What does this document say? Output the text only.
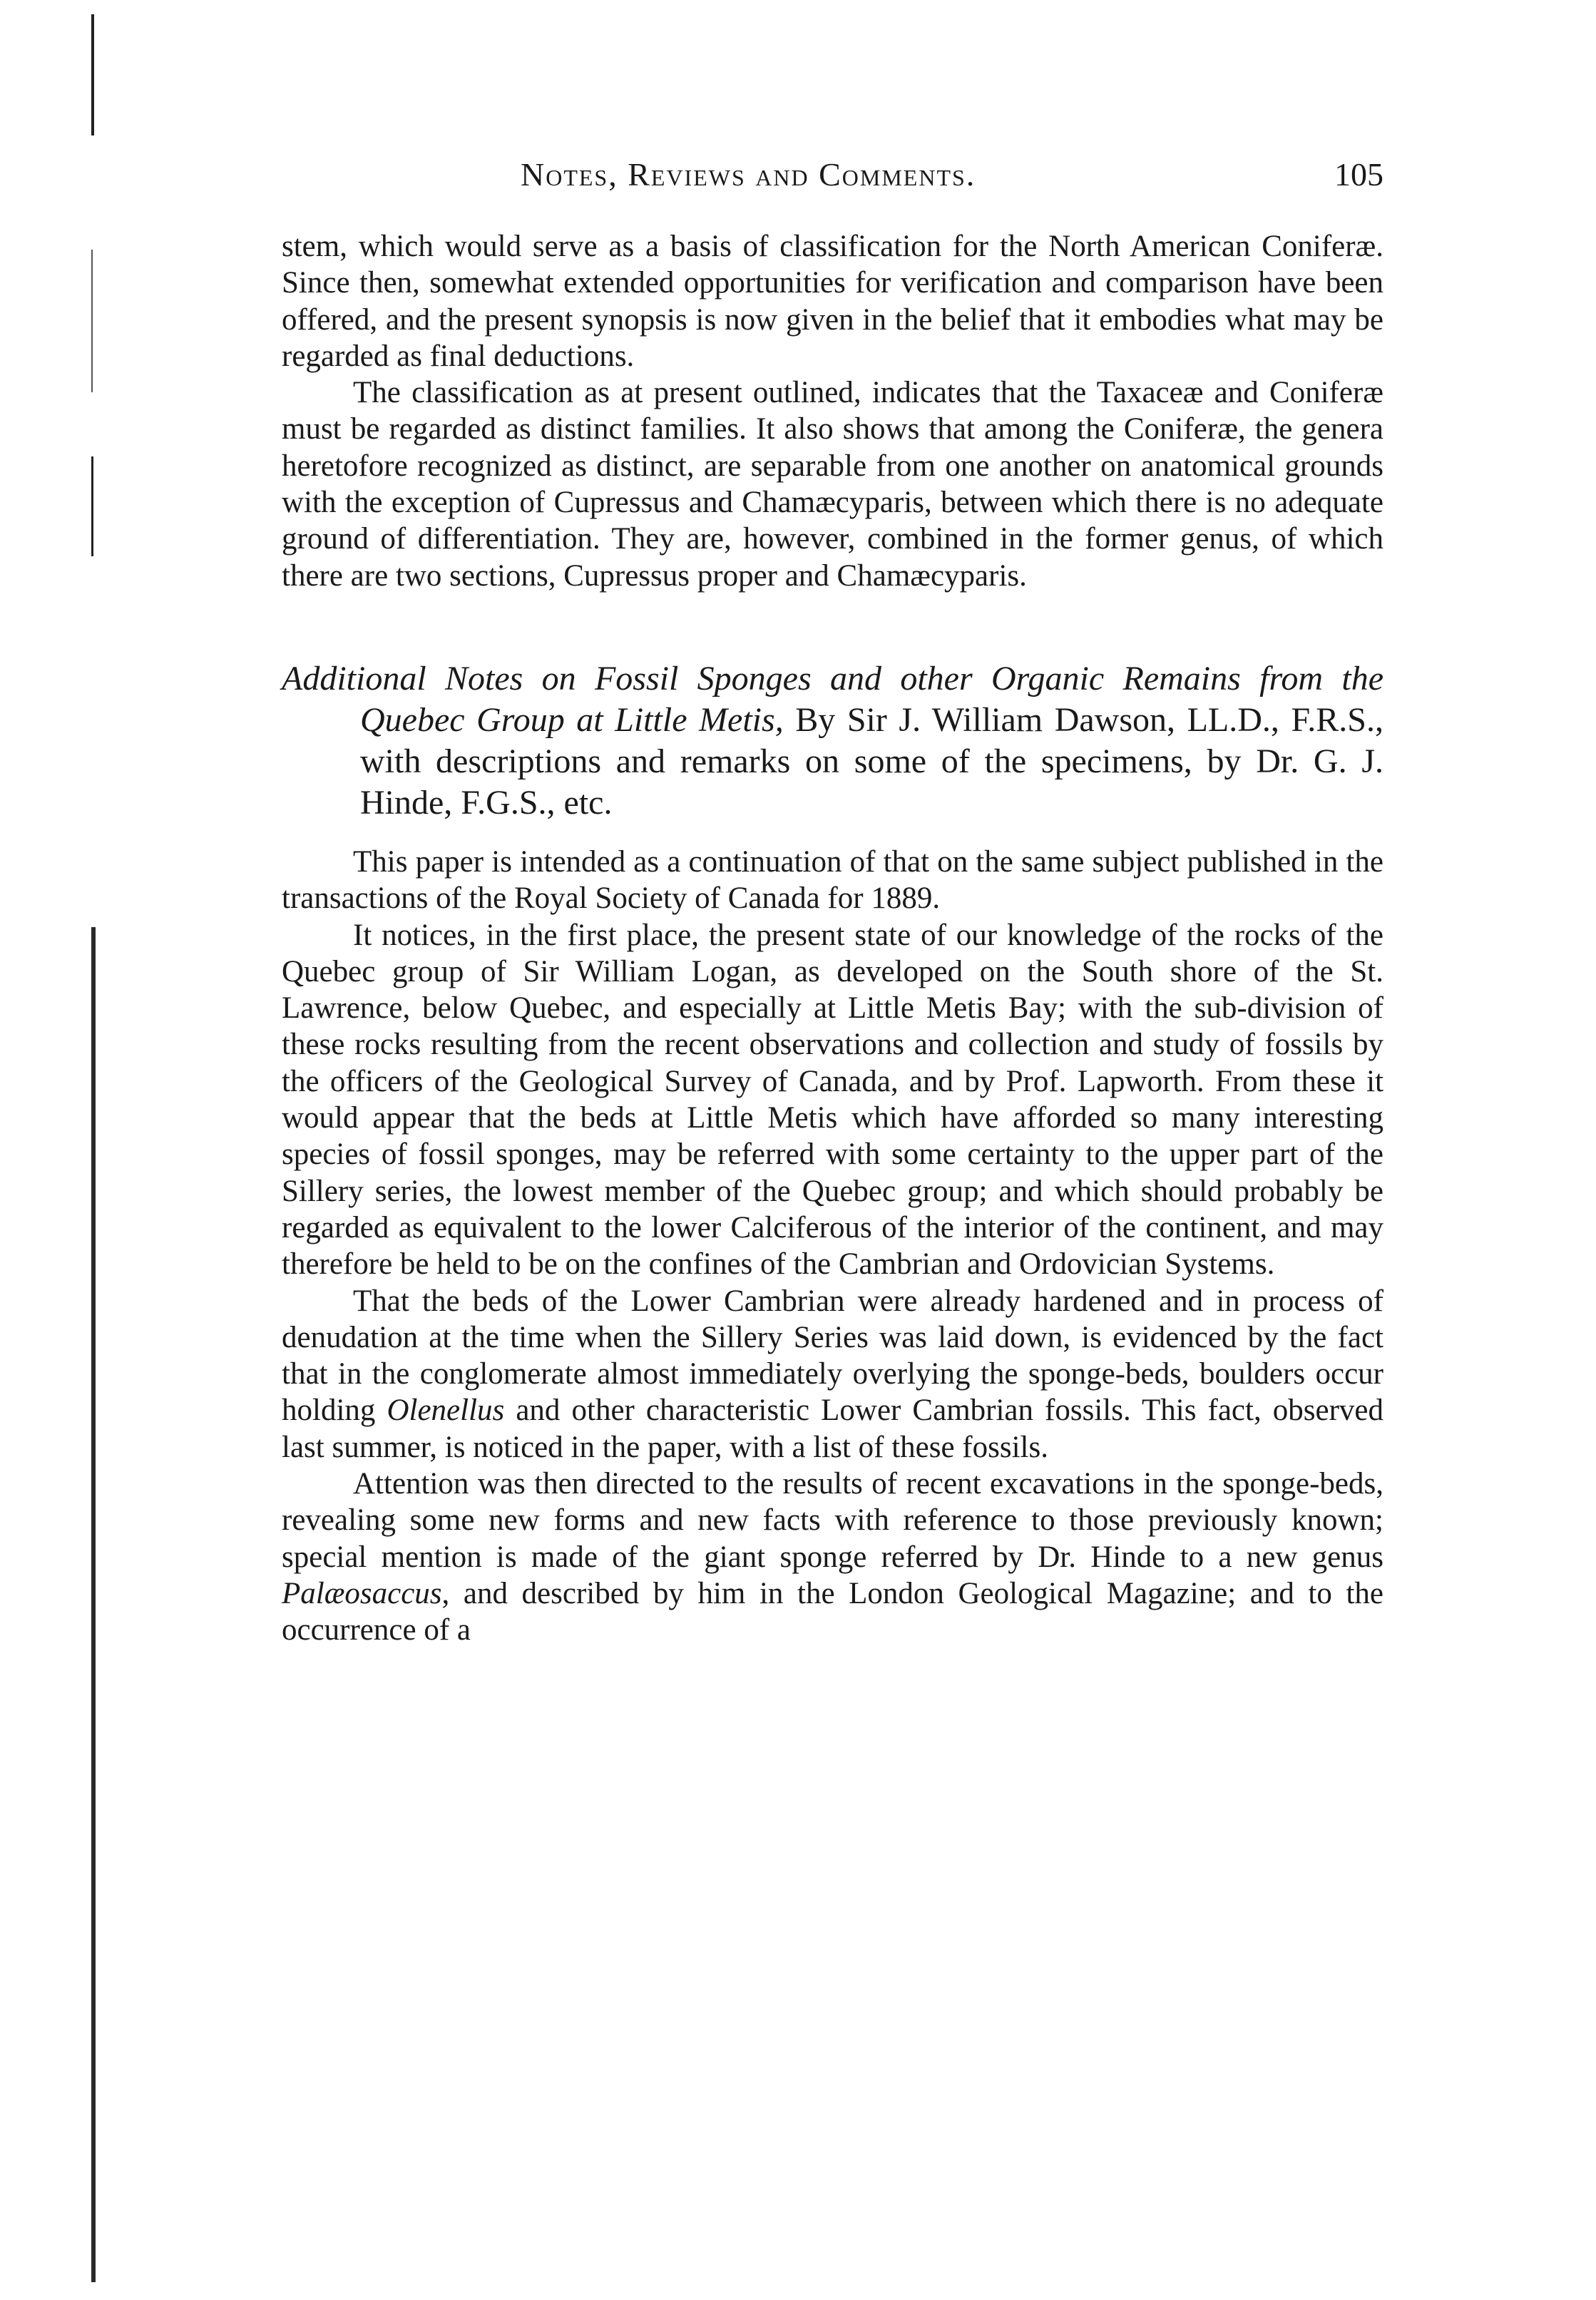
Notes, Reviews and Comments.	105

stem, which would serve as a basis of classification for the North American Coniferæ. Since then, somewhat extended opportunities for verification and comparison have been offered, and the present synopsis is now given in the belief that it embodies what may be regarded as final deductions.

The classification as at present outlined, indicates that the Taxaceæ and Coniferæ must be regarded as distinct families. It also shows that among the Coniferæ, the genera heretofore recognized as distinct, are separable from one another on anatomical grounds with the exception of Cupressus and Chamæcyparis, between which there is no adequate ground of differentiation. They are, however, combined in the former genus, of which there are two sections, Cupressus proper and Chamæcyparis.

Additional Notes on Fossil Sponges and other Organic Remains from the Quebec Group at Little Metis, By Sir J. William Dawson, LL.D., F.R.S., with descriptions and remarks on some of the specimens, by Dr. G. J. Hinde, F.G.S., etc.

This paper is intended as a continuation of that on the same subject published in the transactions of the Royal Society of Canada for 1889.

It notices, in the first place, the present state of our knowledge of the rocks of the Quebec group of Sir William Logan, as developed on the South shore of the St. Lawrence, below Quebec, and especially at Little Metis Bay; with the sub-division of these rocks resulting from the recent observations and collection and study of fossils by the officers of the Geological Survey of Canada, and by Prof. Lapworth. From these it would appear that the beds at Little Metis which have afforded so many interesting species of fossil sponges, may be referred with some certainty to the upper part of the Sillery series, the lowest member of the Quebec group; and which should probably be regarded as equivalent to the lower Calciferous of the interior of the continent, and may therefore be held to be on the confines of the Cambrian and Ordovician Systems.

That the beds of the Lower Cambrian were already hardened and in process of denudation at the time when the Sillery Series was laid down, is evidenced by the fact that in the conglomerate almost immediately overlying the sponge-beds, boulders occur holding Olenellus and other characteristic Lower Cambrian fossils. This fact, observed last summer, is noticed in the paper, with a list of these fossils.

Attention was then directed to the results of recent excavations in the sponge-beds, revealing some new forms and new facts with reference to those previously known; special mention is made of the giant sponge referred by Dr. Hinde to a new genus Palæosaccus, and described by him in the London Geological Magazine; and to the occurrence of a
